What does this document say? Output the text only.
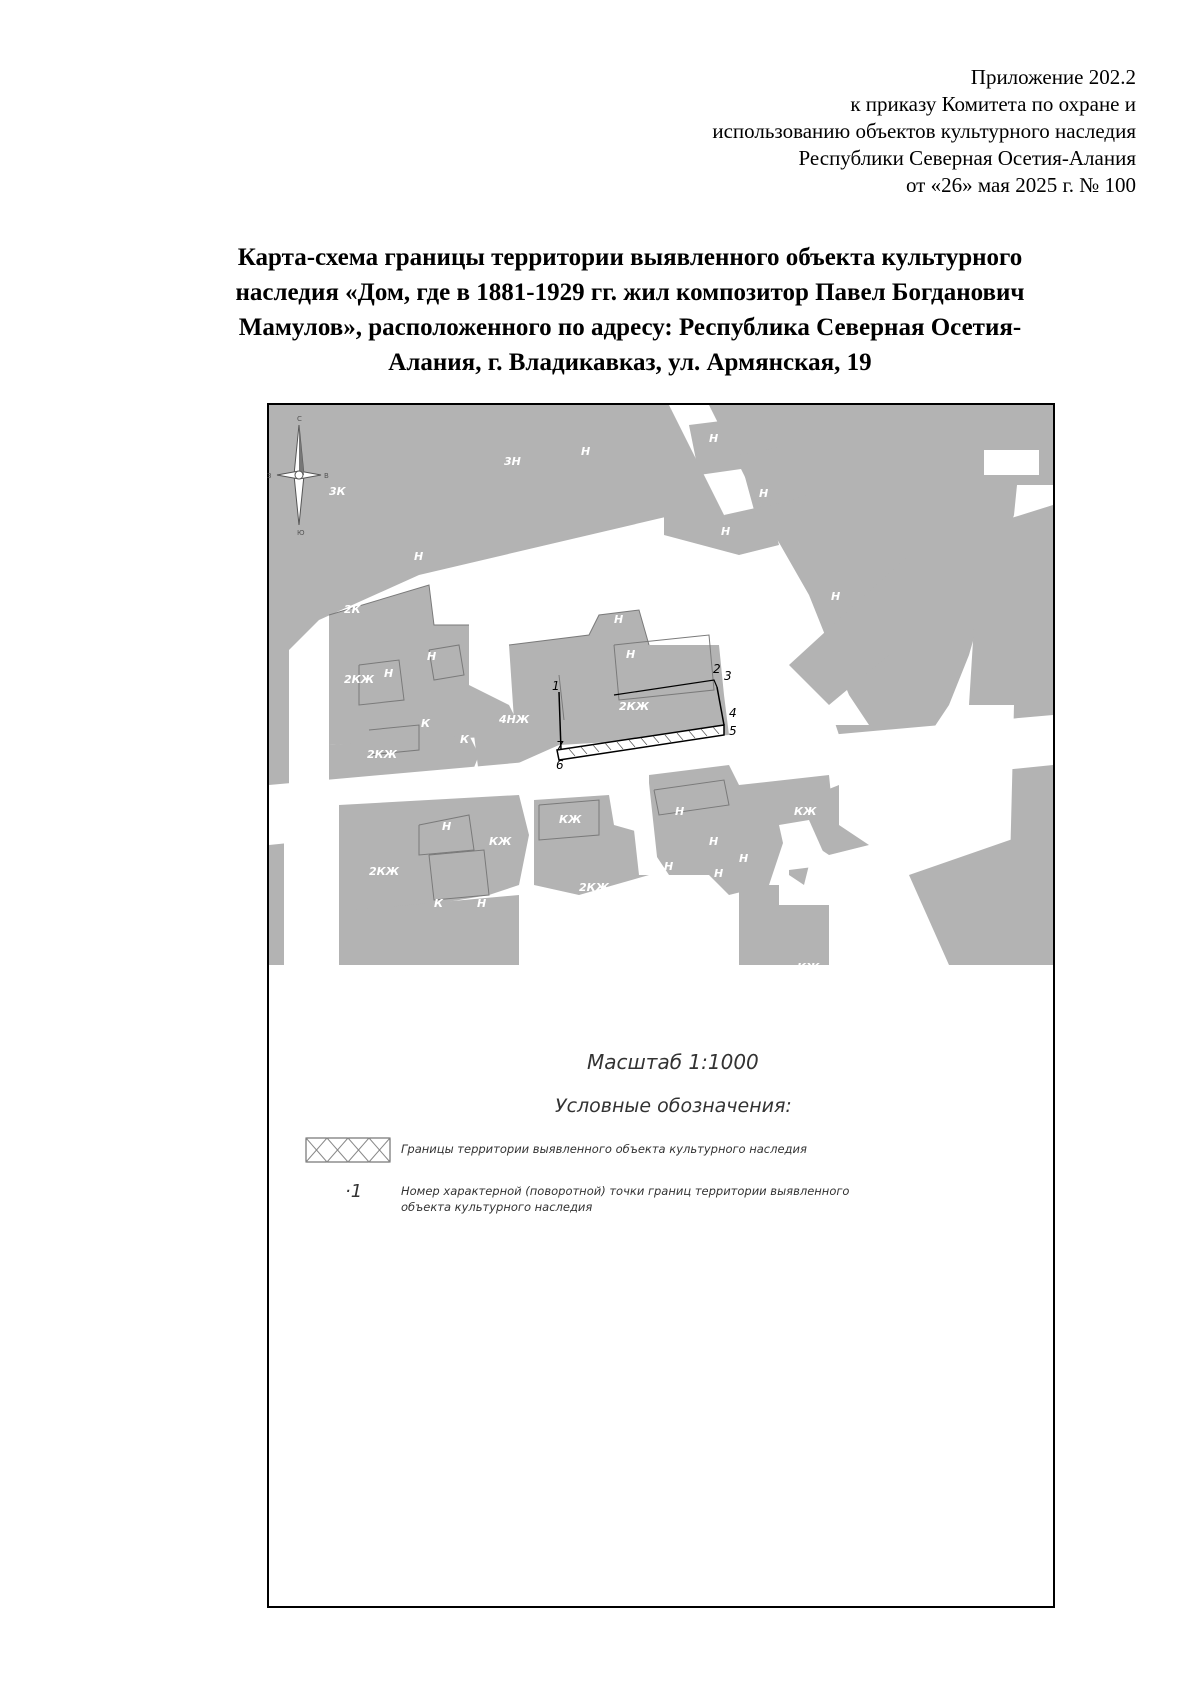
Приложение 202.2
к приказу Комитета по охране и
использованию объектов культурного наследия
Республики Северная Осетия-Алания
от «26» мая 2025 г. № 100
Карта-схема границы территории выявленного объекта культурного
наследия «Дом, где в 1881-1929 гг. жил композитор Павел Богданович
Мамулов», расположенного по адресу: Республика Северная Осетия-
Алания, г. Владикавказ, ул. Армянская, 19
1
2 3
4
5
6
7
3Н
Н
3К
Н
Н
Н
Н
Н
2К
2КЖ Н
Н
Н
Н
4НЖ
2КЖ
К
К
2КЖ
Н
КЖ
КЖ
Н
КЖ
2КЖ
2КЖ	Н
Н
2КЖ
КЖ
К	Н
Н
Н
Н
КЖ
Н
Н
КЖ
КЖ
Н
С
З	В
Ю
Масштаб 1:1000
Условные обозначения:
Границы территории выявленного объекта культурного наследия
·1	Номер характерной (поворотной) точки границ территории выявленного объекта культурного наследия
